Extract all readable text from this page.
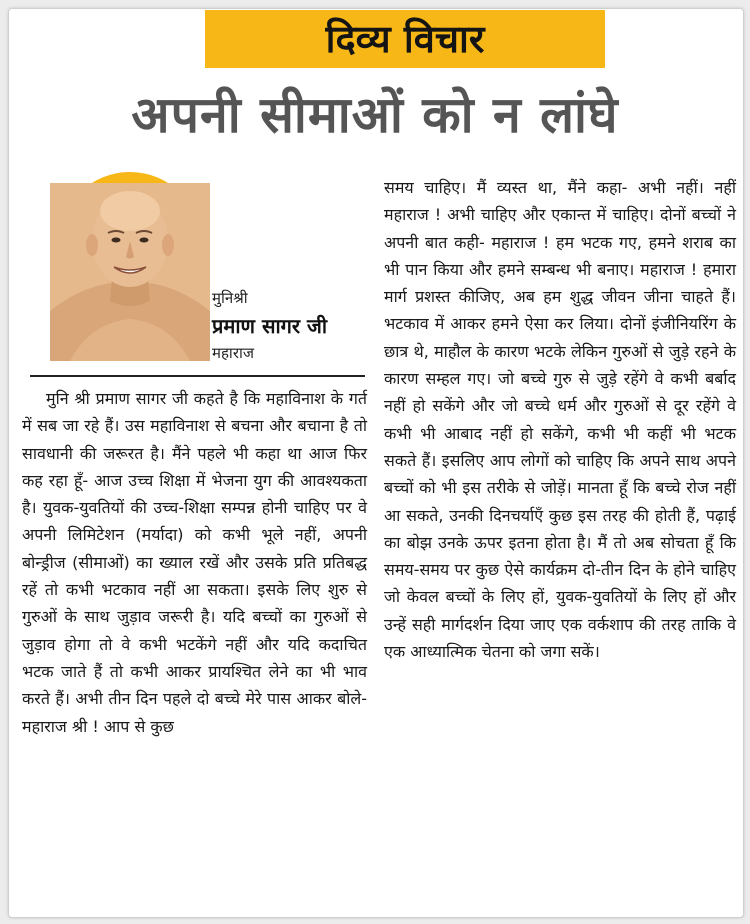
दिव्य विचार
अपनी सीमाओं को न लांघे

मुनिश्री

प्रमाण सागर जी

महाराज

मुनि श्री प्रमाण सागर जी कहते है कि महाविनाश के गर्त में सब जा रहे हैं। उस महाविनाश से बचना और बचाना है तो सावधानी की जरूरत है। मैंने पहले भी कहा था आज फिर कह रहा हूँ- आज उच्च शिक्षा में भेजना युग की आवश्यकता है। युवक-युवतियों की उच्च-शिक्षा सम्पन्न होनी चाहिए पर वे अपनी लिमिटेशन (मर्यादा) को कभी भूले नहीं, अपनी बोन्ड्रीज (सीमाओं) का ख्याल रखें और उसके प्रति प्रतिबद्ध रहें तो कभी भटकाव नहीं आ सकता। इसके लिए शुरु से गुरुओं के साथ जुड़ाव जरूरी है। यदि बच्चों का गुरुओं से जुड़ाव होगा तो वे कभी भटकेंगे नहीं और यदि कदाचित भटक जाते हैं तो कभी आकर प्रायश्चित लेने का भी भाव करते हैं। अभी तीन दिन पहले दो बच्चे मेरे पास आकर बोले- महाराज श्री ! आप से कुछ

समय चाहिए। मैं व्यस्त था, मैंने कहा- अभी नहीं। नहीं महाराज ! अभी चाहिए और एकान्त में चाहिए। दोनों बच्चों ने अपनी बात कही- महाराज ! हम भटक गए, हमने शराब का भी पान किया और हमने सम्बन्ध भी बनाए। महाराज ! हमारा मार्ग प्रशस्त कीजिए, अब हम शुद्ध जीवन जीना चाहते हैं। भटकाव में आकर हमने ऐसा कर लिया। दोनों इंजीनियरिंग के छात्र थे, माहौल के कारण भटके लेकिन गुरुओं से जुड़े रहने के कारण सम्हल गए। जो बच्चे गुरु से जुड़े रहेंगे वे कभी बर्बाद नहीं हो सकेंगे और जो बच्चे धर्म और गुरुओं से दूर रहेंगे वे कभी भी आबाद नहीं हो सकेंगे, कभी भी कहीं भी भटक सकते हैं। इसलिए आप लोगों को चाहिए कि अपने साथ अपने बच्चों को भी इस तरीके से जोड़ें। मानता हूँ कि बच्चे रोज नहीं आ सकते, उनकी दिनचर्याएँ कुछ इस तरह की होती हैं, पढ़ाई का बोझ उनके ऊपर इतना होता है। मैं तो अब सोचता हूँ कि समय-समय पर कुछ ऐसे कार्यक्रम दो-तीन दिन के होने चाहिए जो केवल बच्चों के लिए हों, युवक-युवतियों के लिए हों और उन्हें सही मार्गदर्शन दिया जाए एक वर्कशाप की तरह ताकि वे एक आध्यात्मिक चेतना को जगा सकें।
